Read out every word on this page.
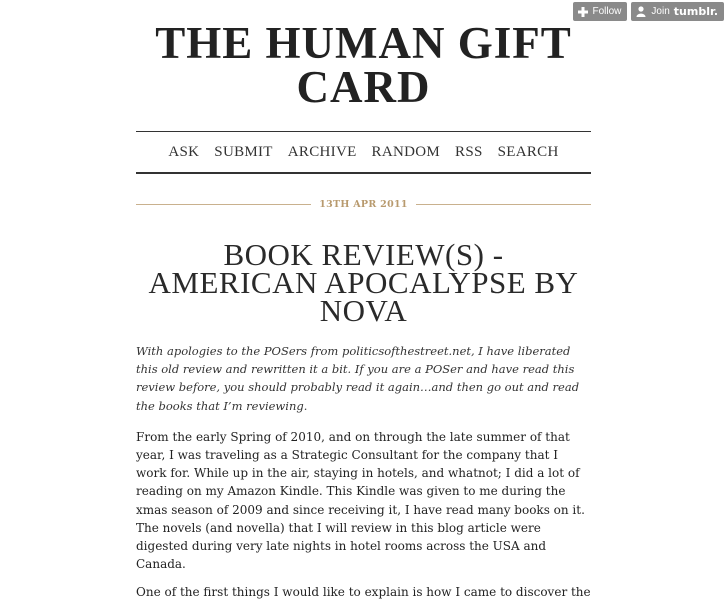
Follow	Join tumblr.
THE HUMAN GIFT CARD
ASK SUBMIT ARCHIVE RANDOM RSS SEARCH
13TH APR 2011
BOOK REVIEW(S) - AMERICAN APOCALYPSE BY NOVA
With apologies to the POSers from politicsofthestreet.net, I have liberated this old review and rewritten it a bit. If you are a POSer and have read this review before, you should probably read it again…and then go out and read the books that I’m reviewing.
From the early Spring of 2010, and on through the late summer of that year, I was traveling as a Strategic Consultant for the company that I work for. While up in the air, staying in hotels, and whatnot; I did a lot of reading on my Amazon Kindle. This Kindle was given to me during the xmas season of 2009 and since receiving it, I have read many books on it. The novels (and novella) that I will review in this blog article were digested during very late nights in hotel rooms across the USA and Canada.
One of the first things I would like to explain is how I came to discover the
